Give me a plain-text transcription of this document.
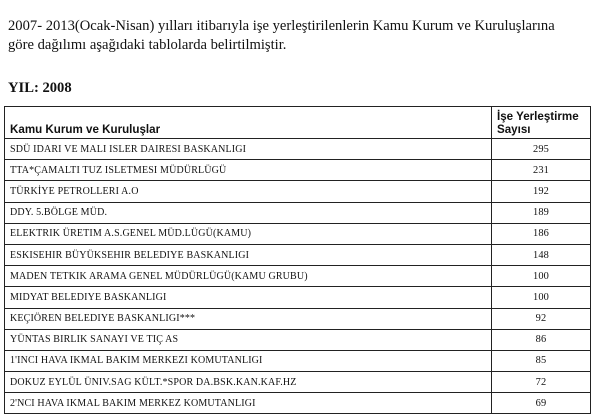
2007- 2013(Ocak-Nisan) yılları itibarıyla işe yerleştirilenlerin Kamu Kurum ve Kuruluşlarına
göre dağılımı aşağıdaki tablolarda belirtilmiştir.

YIL: 2008

Kamu Kurum ve Kuruluşlar	İşe Yerleştirme
Sayısı
SDÜ IDARI VE MALI ISLER DAIRESI BASKANLIGI	295
TTA*ÇAMALTI TUZ ISLETMESI MÜDÜRLÜGÜ	231
TÜRKİYE PETROLLERI A.O	192
DDY. 5.BÖLGE MÜD.	189
ELEKTRIK ÜRETIM A.S.GENEL MÜD.LÜGÜ(KAMU)	186
ESKISEHIR BÜYÜKSEHIR BELEDIYE BASKANLIGI	148
MADEN TETKIK ARAMA GENEL MÜDÜRLÜGÜ(KAMU GRUBU)	100
MIDYAT BELEDIYE BASKANLIGI	100
KEÇIÖREN BELEDIYE BASKANLIGI***	92
YÜNTAS BIRLIK SANAYI VE TIÇ AS	86
1'INCI HAVA IKMAL BAKIM MERKEZI KOMUTANLIGI	85
DOKUZ EYLÜL ÜNIV.SAG KÜLT.*SPOR DA.BSK.KAN.KAF.HZ	72
2'NCI HAVA IKMAL BAKIM MERKEZ KOMUTANLIGI	69
